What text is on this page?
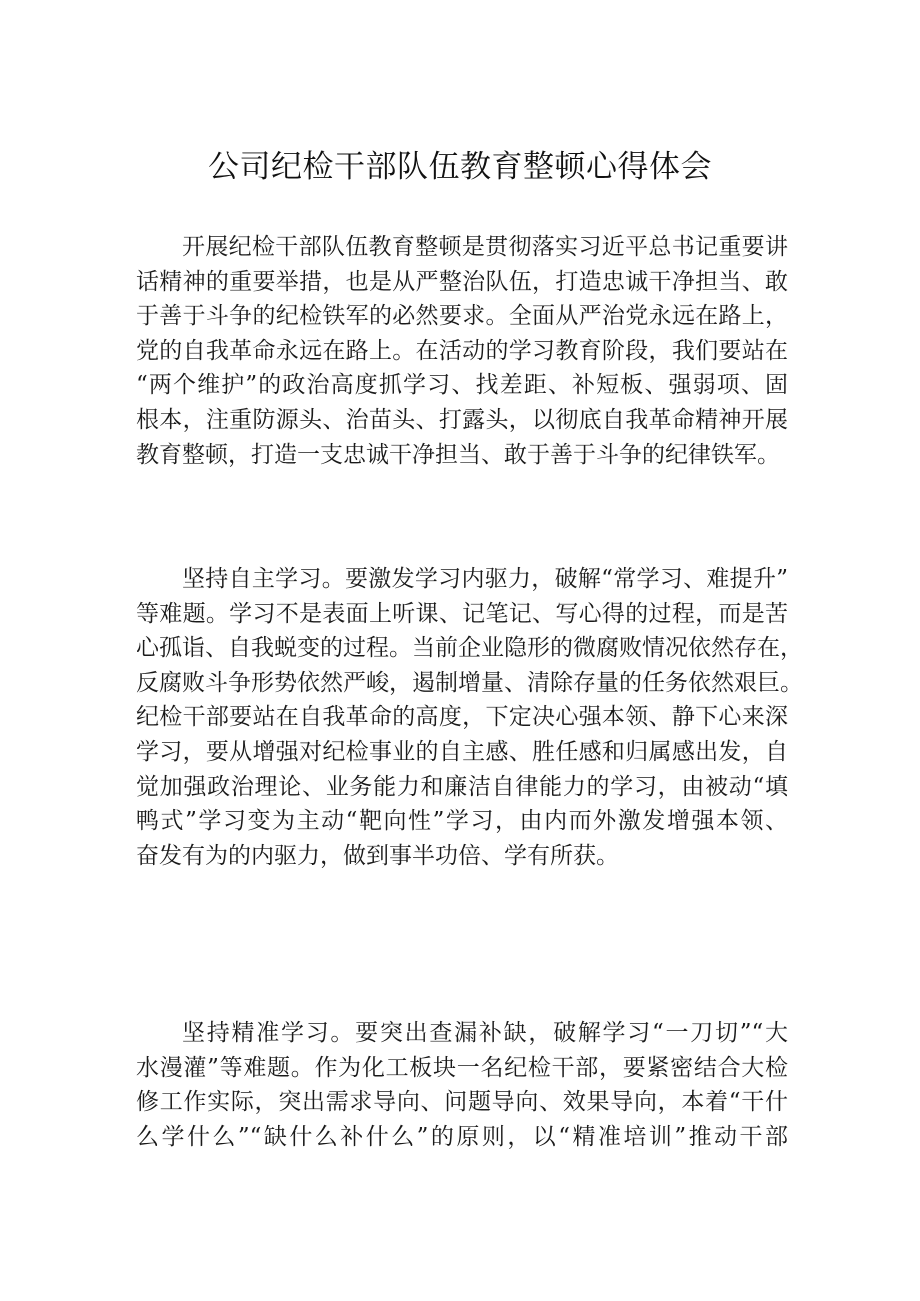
公司纪检干部队伍教育整顿心得体会
开展纪检干部队伍教育整顿是贯彻落实习近平总书记重要讲
话精神的重要举措，也是从严整治队伍，打造忠诚干净担当、敢
于善于斗争的纪检铁军的必然要求。全面从严治党永远在路上，
党的自我革命永远在路上。在活动的学习教育阶段，我们要站在
“两个维护”的政治高度抓学习、找差距、补短板、强弱项、固
根本，注重防源头、治苗头、打露头，以彻底自我革命精神开展
教育整顿，打造一支忠诚干净担当、敢于善于斗争的纪律铁军。
坚持自主学习。要激发学习内驱力，破解“常学习、难提升”
等难题。学习不是表面上听课、记笔记、写心得的过程，而是苦
心孤诣、自我蜕变的过程。当前企业隐形的微腐败情况依然存在，
反腐败斗争形势依然严峻，遏制增量、清除存量的任务依然艰巨。
纪检干部要站在自我革命的高度，下定决心强本领、静下心来深
学习，要从增强对纪检事业的自主感、胜任感和归属感出发，自
觉加强政治理论、业务能力和廉洁自律能力的学习，由被动“填
鸭式”学习变为主动“靶向性”学习，由内而外激发增强本领、
奋发有为的内驱力，做到事半功倍、学有所获。
坚持精准学习。要突出查漏补缺，破解学习“一刀切”“大
水漫灌”等难题。作为化工板块一名纪检干部，要紧密结合大检
修工作实际，突出需求导向、问题导向、效果导向，本着“干什
么学什么”“缺什么补什么”的原则，以“精准培训”推动干部
